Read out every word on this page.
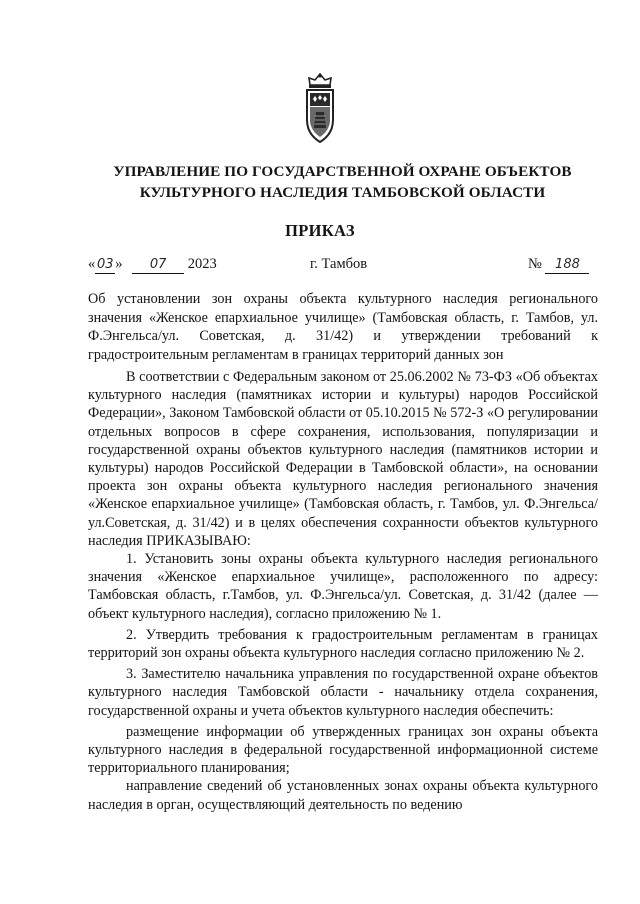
УПРАВЛЕНИЕ ПО ГОСУДАРСТВЕННОЙ ОХРАНЕ ОБЪЕКТОВ
КУЛЬТУРНОГО НАСЛЕДИЯ ТАМБОВСКОЙ ОБЛАСТИ
ПРИКАЗ
« 03 » 07 2023	г. Тамбов	№ 188
Об установлении зон охраны объекта культурного наследия регионального значения «Женское епархиальное училище» (Тамбовская область, г. Тамбов, ул. Ф.Энгельса/ул. Советская, д. 31/42) и утверждении требований к градостроительным регламентам в границах территорий данных зон

В соответствии с Федеральным законом от 25.06.2002 № 73-ФЗ «Об объектах культурного наследия (памятниках истории и культуры) народов Российской Федерации», Законом Тамбовской области от 05.10.2015 № 572-З «О регулировании отдельных вопросов в сфере сохранения, использования, популяризации и государственной охраны объектов культурного наследия (памятников истории и культуры) народов Российской Федерации в Тамбовской области», на основании проекта зон охраны объекта культурного наследия регионального значения «Женское епархиальное училище» (Тамбовская область, г. Тамбов, ул. Ф.Энгельса/ул.Советская, д. 31/42) и в целях обеспечения сохранности объектов культурного наследия ПРИКАЗЫВАЮ:

1. Установить зоны охраны объекта культурного наследия регионального значения «Женское епархиальное училище», расположенного по адресу: Тамбовская область, г.Тамбов, ул. Ф.Энгельса/ул. Советская, д. 31/42 (далее — объект культурного наследия), согласно приложению № 1.

2. Утвердить требования к градостроительным регламентам в границах территорий зон охраны объекта культурного наследия согласно приложению № 2.

3. Заместителю начальника управления по государственной охране объектов культурного наследия Тамбовской области - начальнику отдела сохранения, государственной охраны и учета объектов культурного наследия обеспечить:

размещение информации об утвержденных границах зон охраны объекта культурного наследия в федеральной государственной информационной системе территориального планирования;

направление сведений об установленных зонах охраны объекта культурного наследия в орган, осуществляющий деятельность по ведению
